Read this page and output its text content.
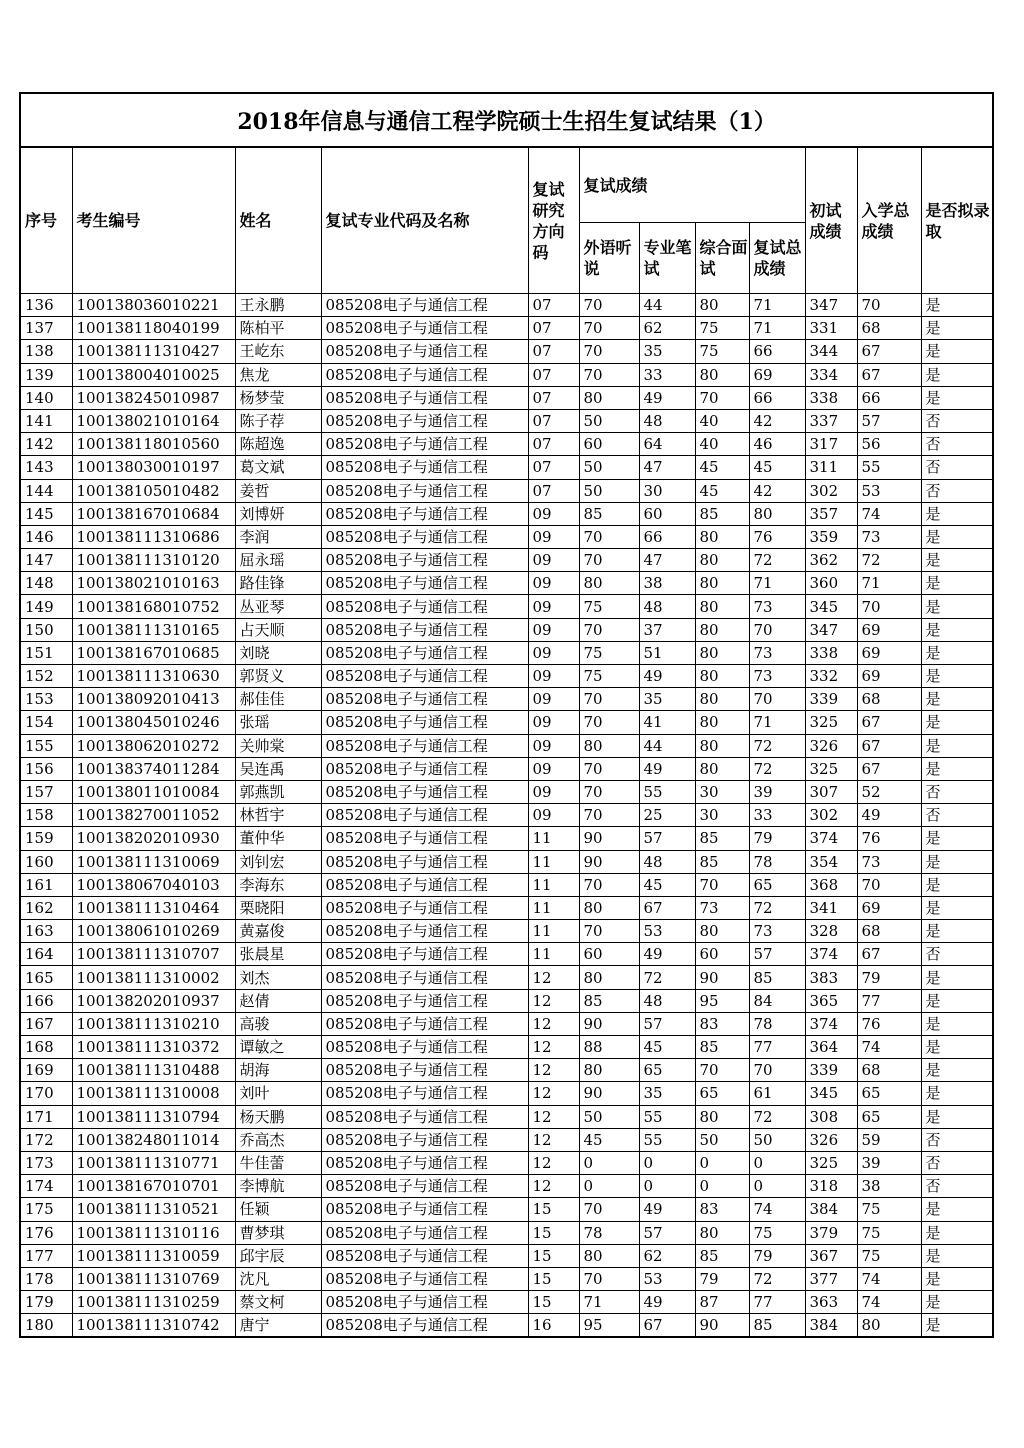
2018年信息与通信工程学院硕士生招生复试结果（1）											
序号	考生编号	姓名	复试专业代码及名称	复试研究方向码	复试成绩				初试成绩	入学总成绩	是否拟录取
					外语听说	专业笔试	综合面试	复试总成绩			
136	100138036010221	王永鹏	085208电子与通信工程	07	70	44	80	71	347	70	是
137	100138118040199	陈柏平	085208电子与通信工程	07	70	62	75	71	331	68	是
138	100138111310427	王屹东	085208电子与通信工程	07	70	35	75	66	344	67	是
139	100138004010025	焦龙	085208电子与通信工程	07	70	33	80	69	334	67	是
140	100138245010987	杨梦莹	085208电子与通信工程	07	80	49	70	66	338	66	是
141	100138021010164	陈子荐	085208电子与通信工程	07	50	48	40	42	337	57	否
142	100138118010560	陈超逸	085208电子与通信工程	07	60	64	40	46	317	56	否
143	100138030010197	葛文斌	085208电子与通信工程	07	50	47	45	45	311	55	否
144	100138105010482	姜哲	085208电子与通信工程	07	50	30	45	42	302	53	否
145	100138167010684	刘博妍	085208电子与通信工程	09	85	60	85	80	357	74	是
146	100138111310686	李润	085208电子与通信工程	09	70	66	80	76	359	73	是
147	100138111310120	屈永瑶	085208电子与通信工程	09	70	47	80	72	362	72	是
148	100138021010163	路佳锋	085208电子与通信工程	09	80	38	80	71	360	71	是
149	100138168010752	丛亚琴	085208电子与通信工程	09	75	48	80	73	345	70	是
150	100138111310165	占天顺	085208电子与通信工程	09	70	37	80	70	347	69	是
151	100138167010685	刘晓	085208电子与通信工程	09	75	51	80	73	338	69	是
152	100138111310630	郭贤义	085208电子与通信工程	09	75	49	80	73	332	69	是
153	100138092010413	郝佳佳	085208电子与通信工程	09	70	35	80	70	339	68	是
154	100138045010246	张瑶	085208电子与通信工程	09	70	41	80	71	325	67	是
155	100138062010272	关帅棠	085208电子与通信工程	09	80	44	80	72	326	67	是
156	100138374011284	吴连禹	085208电子与通信工程	09	70	49	80	72	325	67	是
157	100138011010084	郭燕凯	085208电子与通信工程	09	70	55	30	39	307	52	否
158	100138270011052	林哲宇	085208电子与通信工程	09	70	25	30	33	302	49	否
159	100138202010930	董仲华	085208电子与通信工程	11	90	57	85	79	374	76	是
160	100138111310069	刘钊宏	085208电子与通信工程	11	90	48	85	78	354	73	是
161	100138067040103	李海东	085208电子与通信工程	11	70	45	70	65	368	70	是
162	100138111310464	栗晓阳	085208电子与通信工程	11	80	67	73	72	341	69	是
163	100138061010269	黄嘉俊	085208电子与通信工程	11	70	53	80	73	328	68	是
164	100138111310707	张晨星	085208电子与通信工程	11	60	49	60	57	374	67	否
165	100138111310002	刘杰	085208电子与通信工程	12	80	72	90	85	383	79	是
166	100138202010937	赵倩	085208电子与通信工程	12	85	48	95	84	365	77	是
167	100138111310210	高骏	085208电子与通信工程	12	90	57	83	78	374	76	是
168	100138111310372	谭敏之	085208电子与通信工程	12	88	45	85	77	364	74	是
169	100138111310488	胡海	085208电子与通信工程	12	80	65	70	70	339	68	是
170	100138111310008	刘叶	085208电子与通信工程	12	90	35	65	61	345	65	是
171	100138111310794	杨天鹏	085208电子与通信工程	12	50	55	80	72	308	65	是
172	100138248011014	乔高杰	085208电子与通信工程	12	45	55	50	50	326	59	否
173	100138111310771	牛佳蕾	085208电子与通信工程	12	0	0	0	0	325	39	否
174	100138167010701	李博航	085208电子与通信工程	12	0	0	0	0	318	38	否
175	100138111310521	任颖	085208电子与通信工程	15	70	49	83	74	384	75	是
176	100138111310116	曹梦琪	085208电子与通信工程	15	78	57	80	75	379	75	是
177	100138111310059	邱宇辰	085208电子与通信工程	15	80	62	85	79	367	75	是
178	100138111310769	沈凡	085208电子与通信工程	15	70	53	79	72	377	74	是
179	100138111310259	蔡文柯	085208电子与通信工程	15	71	49	87	77	363	74	是
180	100138111310742	唐宁	085208电子与通信工程	16	95	67	90	85	384	80	是
